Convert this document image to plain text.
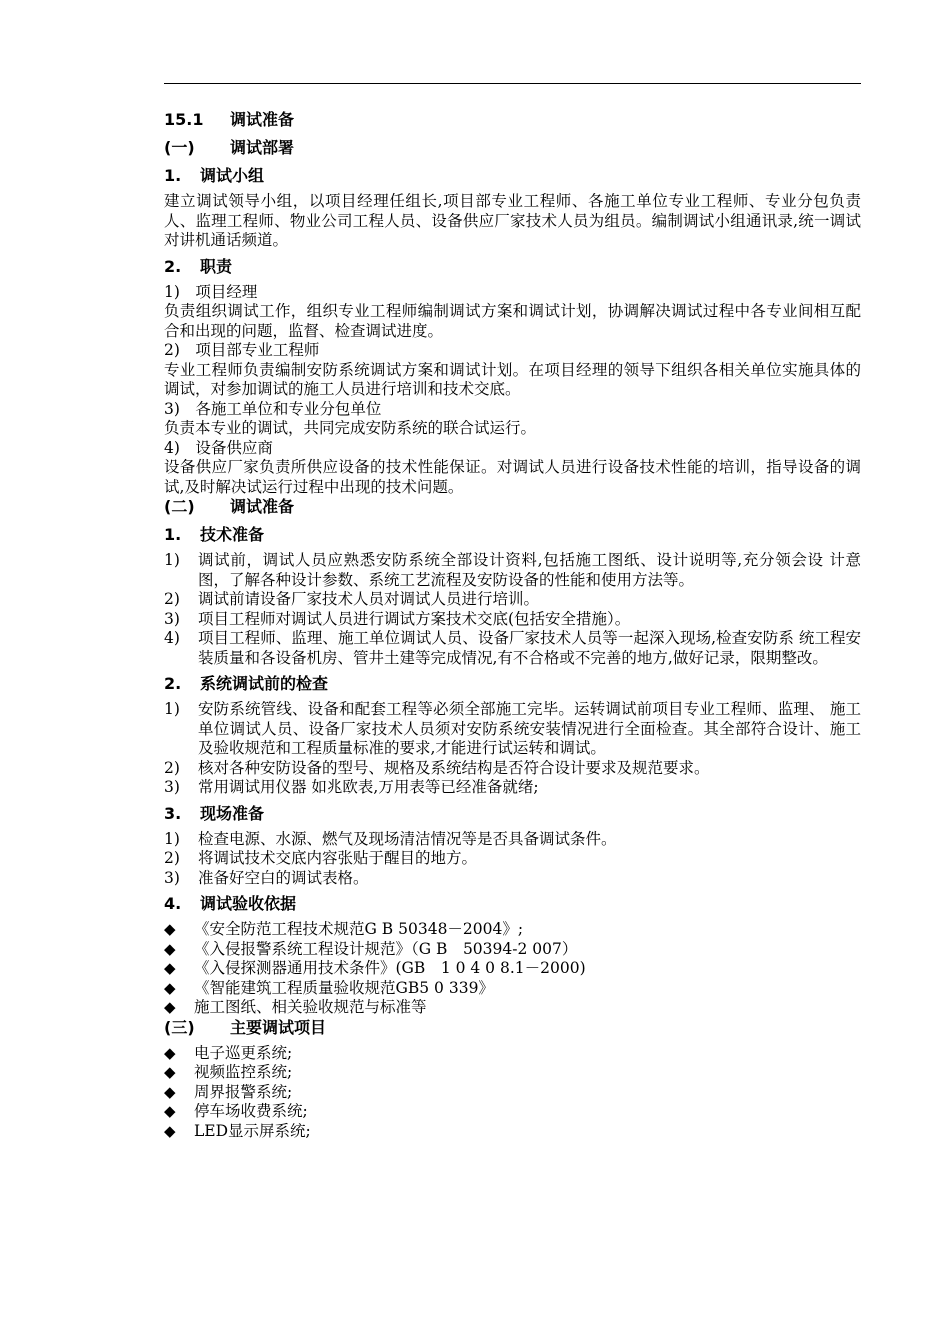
15.1 调试准备
(一) 调试部署
1. 调试小组

建立调试领导小组，以项目经理任组长,项目部专业工程师、各施工单位专业工程师、专业分包负责人、监理工程师、物业公司工程人员、设备供应厂家技术人员为组员。编制调试小组通讯录,统一调试对讲机通话频道。

2. 职责

1)　项目经理

负责组织调试工作，组织专业工程师编制调试方案和调试计划，协调解决调试过程中各专业间相互配合和出现的问题，监督、检查调试进度。

2)　项目部专业工程师

专业工程师负责编制安防系统调试方案和调试计划。在项目经理的领导下组织各相关单位实施具体的调试，对参加调试的施工人员进行培训和技术交底。

3)　各施工单位和专业分包单位

负责本专业的调试，共同完成安防系统的联合试运行。

4)　设备供应商

设备供应厂家负责所供应设备的技术性能保证。对调试人员进行设备技术性能的培训，指导设备的调试,及时解决试运行过程中出现的技术问题。

(二) 调试准备
1. 技术准备
1)	调试前，调试人员应熟悉安防系统全部设计资料,包括施工图纸、设计说明等,充分领会设 计意图，了解各种设计参数、系统工艺流程及安防设备的性能和使用方法等。
2)	调试前请设备厂家技术人员对调试人员进行培训。
3)	项目工程师对调试人员进行调试方案技术交底(包括安全措施）。
4)	项目工程师、监理、施工单位调试人员、设备厂家技术人员等一起深入现场,检查安防系 统工程安装质量和各设备机房、管井土建等完成情况,有不合格或不完善的地方,做好记录，限期整改。
2. 系统调试前的检查
1)	安防系统管线、设备和配套工程等必须全部施工完毕。运转调试前项目专业工程师、监理、 施工单位调试人员、设备厂家技术人员须对安防系统安装情况进行全面检查。其全部符合设计、施工及验收规范和工程质量标准的要求,才能进行试运转和调试。
2)	核对各种安防设备的型号、规格及系统结构是否符合设计要求及规范要求。
3)	常用调试用仪器 如兆欧表,万用表等已经准备就绪;
3. 现场准备
1)	检查电源、水源、燃气及现场清洁情况等是否具备调试条件。
2)	将调试技术交底内容张贴于醒目的地方。
3)	准备好空白的调试表格。
4. 调试验收依据
◆	《安全防范工程技术规范G B 50348－2004》;
◆	《入侵报警系统工程设计规范》（G B　50394-2 007）
◆	《入侵探测器通用技术条件》(GB　1 0 4 0 8.1－2000)
◆	《智能建筑工程质量验收规范GB5 0 339》
◆	施工图纸、相关验收规范与标准等
(三) 主要调试项目
◆	电子巡更系统;
◆	视频监控系统;
◆	周界报警系统;
◆	停车场收费系统;
◆	LED显示屏系统;
